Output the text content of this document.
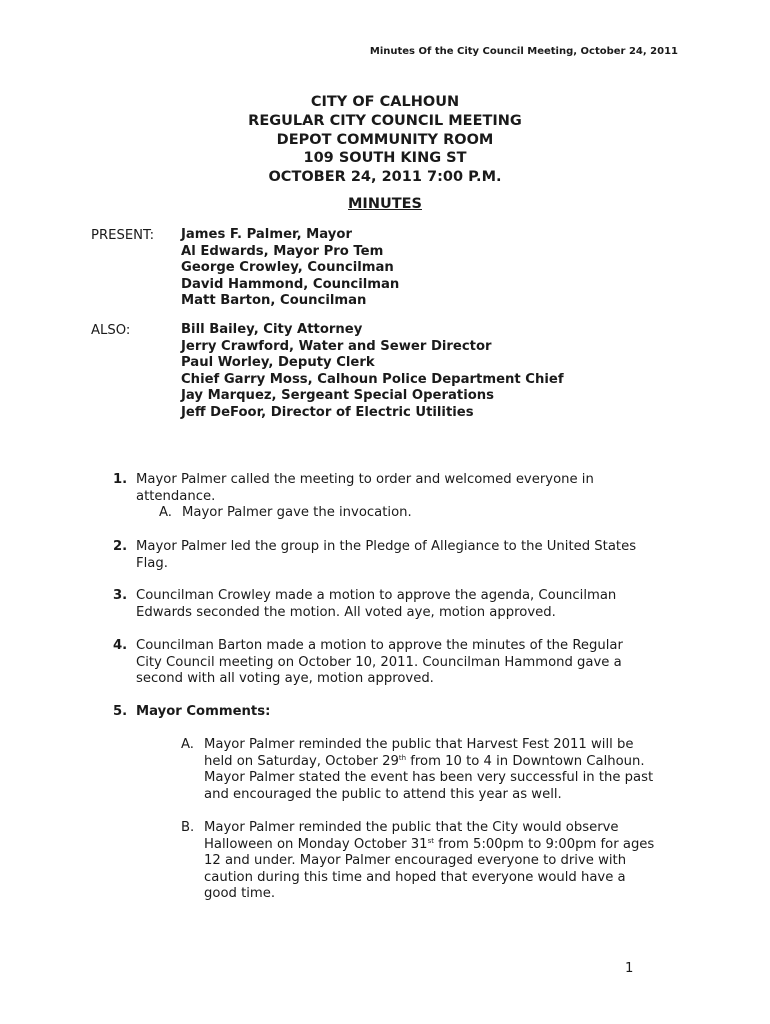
Minutes Of the City Council Meeting, October 24, 2011
CITY OF CALHOUN
REGULAR CITY COUNCIL MEETING
DEPOT COMMUNITY ROOM
109 SOUTH KING ST
OCTOBER 24, 2011 7:00 P.M.
MINUTES
PRESENT: James F. Palmer, Mayor
Al Edwards, Mayor Pro Tem
George Crowley, Councilman
David Hammond, Councilman
Matt Barton, Councilman
ALSO:	Bill Bailey, City Attorney
Jerry Crawford, Water and Sewer Director
Paul Worley, Deputy Clerk
Chief Garry Moss, Calhoun Police Department Chief
Jay Marquez, Sergeant Special Operations
Jeff DeFoor, Director of Electric Utilities
1. Mayor Palmer called the meeting to order and welcomed everyone in
attendance.
A. Mayor Palmer gave the invocation.
2. Mayor Palmer led the group in the Pledge of Allegiance to the United States
Flag.
3. Councilman Crowley made a motion to approve the agenda, Councilman
Edwards seconded the motion. All voted aye, motion approved.
4. Councilman Barton made a motion to approve the minutes of the Regular
City Council meeting on October 10, 2011. Councilman Hammond gave a
second with all voting aye, motion approved.
5. Mayor Comments:
A. Mayor Palmer reminded the public that Harvest Fest 2011 will be
held on Saturday, October 29th from 10 to 4 in Downtown Calhoun.
Mayor Palmer stated the event has been very successful in the past
and encouraged the public to attend this year as well.
B. Mayor Palmer reminded the public that the City would observe
Halloween on Monday October 31st from 5:00pm to 9:00pm for ages
12 and under. Mayor Palmer encouraged everyone to drive with
caution during this time and hoped that everyone would have a
good time.
1
